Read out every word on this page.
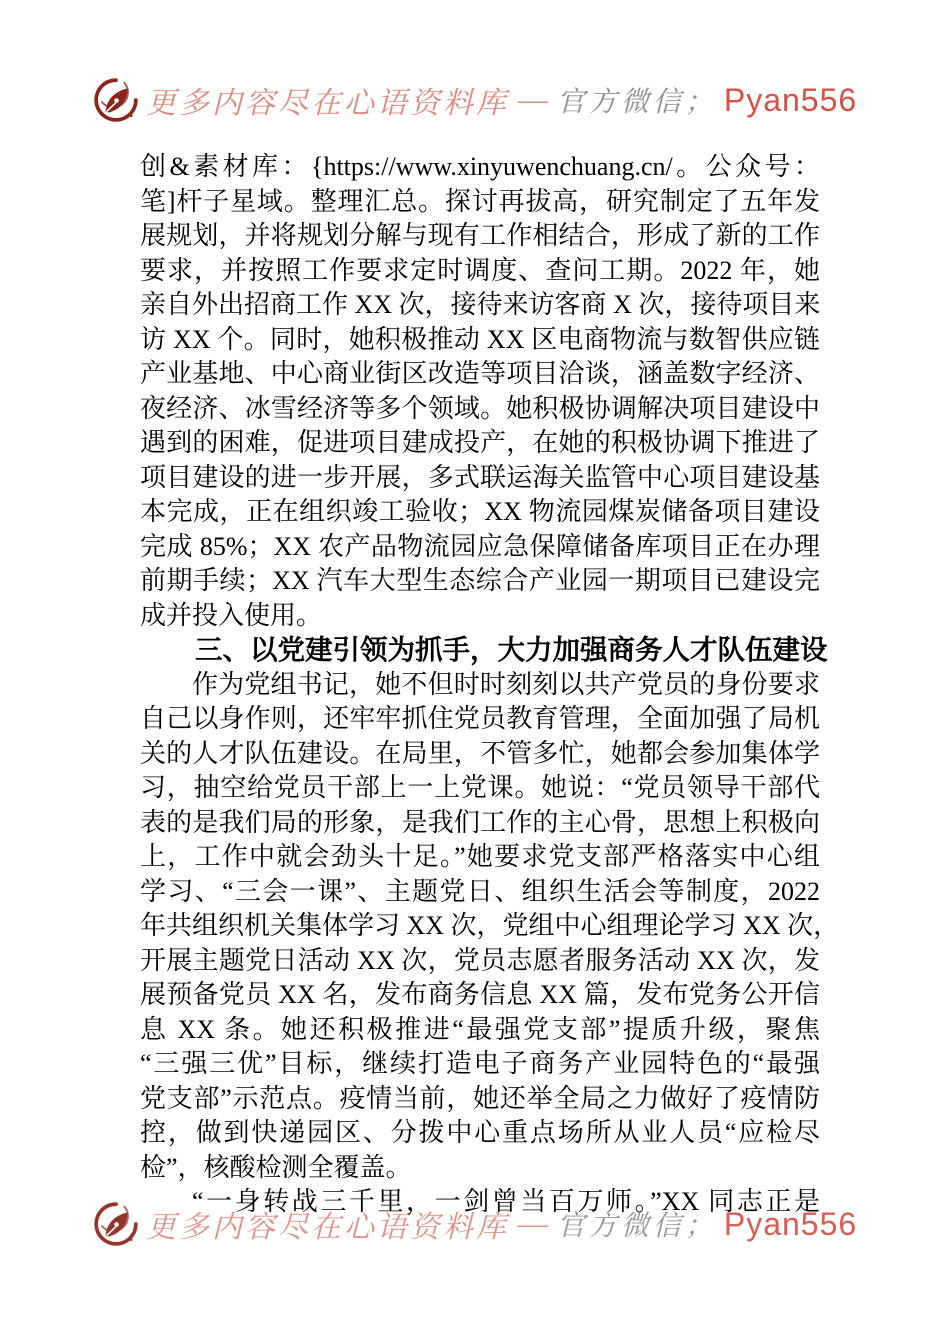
更多内容尽在心语资料库 — 官方微信； Pyan556
创&素材库：{https://www.xinyuwenchuang.cn/。公众号：
笔]杆子星域。整理汇总。探讨再拔高，研究制定了五年发
展规划，并将规划分解与现有工作相结合，形成了新的工作
要求，并按照工作要求定时调度、查问工期。2022 年，她
亲自外出招商工作 XX 次，接待来访客商 X 次，接待项目来
访 XX 个。同时，她积极推动 XX 区电商物流与数智供应链
产业基地、中心商业街区改造等项目洽谈，涵盖数字经济、
夜经济、冰雪经济等多个领域。她积极协调解决项目建设中
遇到的困难，促进项目建成投产，在她的积极协调下推进了
项目建设的进一步开展，多式联运海关监管中心项目建设基
本完成，正在组织竣工验收；XX 物流园煤炭储备项目建设
完成 85%；XX 农产品物流园应急保障储备库项目正在办理
前期手续；XX 汽车大型生态综合产业园一期项目已建设完
成并投入使用。
三、以党建引领为抓手，大力加强商务人才队伍建设
作为党组书记，她不但时时刻刻以共产党员的身份要求
自己以身作则，还牢牢抓住党员教育管理，全面加强了局机
关的人才队伍建设。在局里，不管多忙，她都会参加集体学
习，抽空给党员干部上一上党课。她说：“党员领导干部代
表的是我们局的形象，是我们工作的主心骨，思想上积极向
上，工作中就会劲头十足。”她要求党支部严格落实中心组
学习、“三会一课”、主题党日、组织生活会等制度，2022
年共组织机关集体学习 XX 次，党组中心组理论学习 XX 次，
开展主题党日活动 XX 次，党员志愿者服务活动 XX 次，发
展预备党员 XX 名，发布商务信息 XX 篇，发布党务公开信
息 XX 条。她还积极推进“最强党支部”提质升级，聚焦
“三强三优”目标，继续打造电子商务产业园特色的“最强
党支部”示范点。疫情当前，她还举全局之力做好了疫情防
控，做到快递园区、分拨中心重点场所从业人员“应检尽
检”，核酸检测全覆盖。
“一身转战三千里，一剑曾当百万师。”XX 同志正是
更多内容尽在心语资料库 — 官方微信； Pyan556
